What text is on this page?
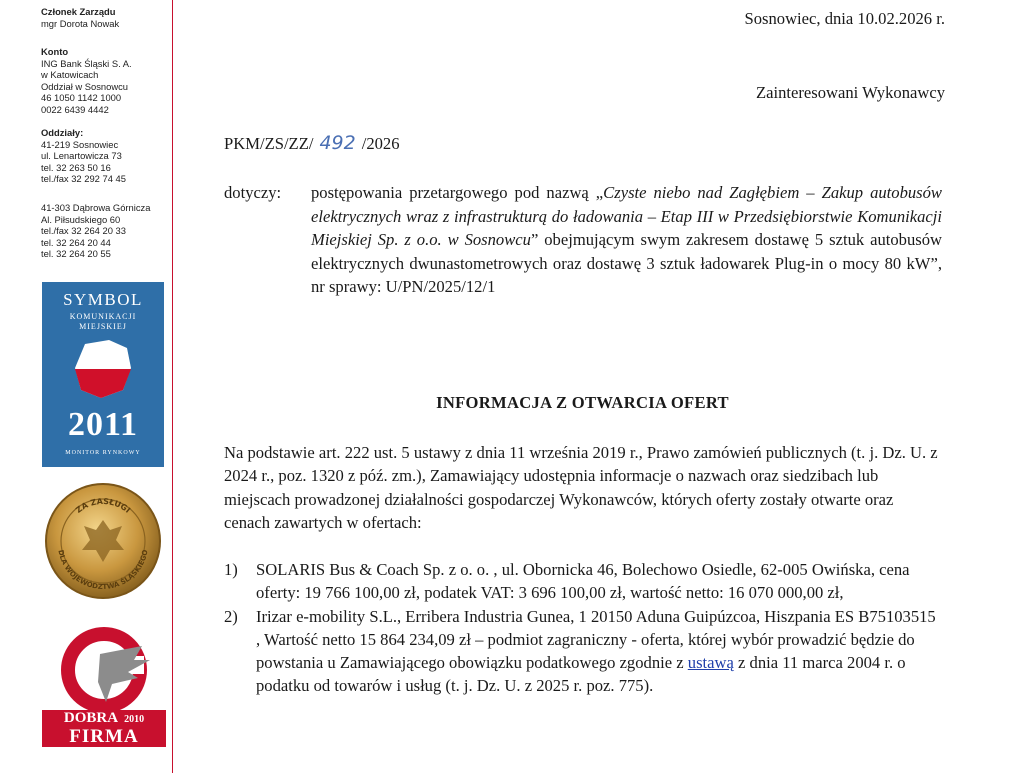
Członek Zarządu
mgr Dorota Nowak
Konto
ING Bank Śląski S. A.
w Katowicach
Oddział w Sosnowcu
46 1050 1142 1000
0022 6439 4442
Oddziały:
41-219 Sosnowiec
ul. Lenartowicza 73
tel. 32 263 50 16
tel./fax 32 292 74 45
41-303 Dąbrowa Górnicza
Al. Piłsudskiego 60
tel./fax 32 264 20 33
tel. 32 264 20 44
tel. 32 264 20 55
SYMBOL
KOMUNIKACJI
MIEJSKIEJ
2011
MONITOR RYNKOWY
ZA ZASŁUGI
DLA WOJEWÓDZTWA ŚLĄSKIEGO
DOBRA 2010
FIRMA
Sosnowiec, dnia 10.02.2026 r.
Zainteresowani Wykonawcy
PKM/ZS/ZZ/ 492 /2026
dotyczy:	postępowania przetargowego pod nazwą „Czyste niebo nad Zagłębiem – Zakup autobusów elektrycznych wraz z infrastrukturą do ładowania – Etap III w Przedsiębiorstwie Komunikacji Miejskiej Sp. z o.o. w Sosnowcu” obejmującym swym zakresem dostawę 5 sztuk autobusów elektrycznych dwunastometrowych oraz dostawę 3 sztuk ładowarek Plug-in o mocy 80 kW”, nr sprawy: U/PN/2025/12/1
INFORMACJA Z OTWARCIA OFERT
Na podstawie art. 222 ust. 5 ustawy z dnia 11 września 2019 r., Prawo zamówień publicznych (t. j. Dz. U. z 2024 r., poz. 1320 z póź. zm.), Zamawiający udostępnia informacje o nazwach oraz siedzibach lub miejscach prowadzonej działalności gospodarczej Wykonawców, których oferty zostały otwarte oraz cenach zawartych w ofertach:
1) SOLARIS Bus & Coach Sp. z o. o. , ul. Obornicka 46, Bolechowo Osiedle, 62-005 Owińska, cena oferty: 19 766 100,00 zł, podatek VAT: 3 696 100,00 zł, wartość netto: 16 070 000,00 zł,
2) Irizar e-mobility S.L., Erribera Industria Gunea, 1 20150 Aduna Guipúzcoa, Hiszpania ES B75103515 , Wartość netto 15 864 234,09 zł – podmiot zagraniczny - oferta, której wybór prowadzić będzie do powstania u Zamawiającego obowiązku podatkowego zgodnie z ustawą z dnia 11 marca 2004 r. o podatku od towarów i usług (t. j. Dz. U. z 2025 r. poz. 775).
